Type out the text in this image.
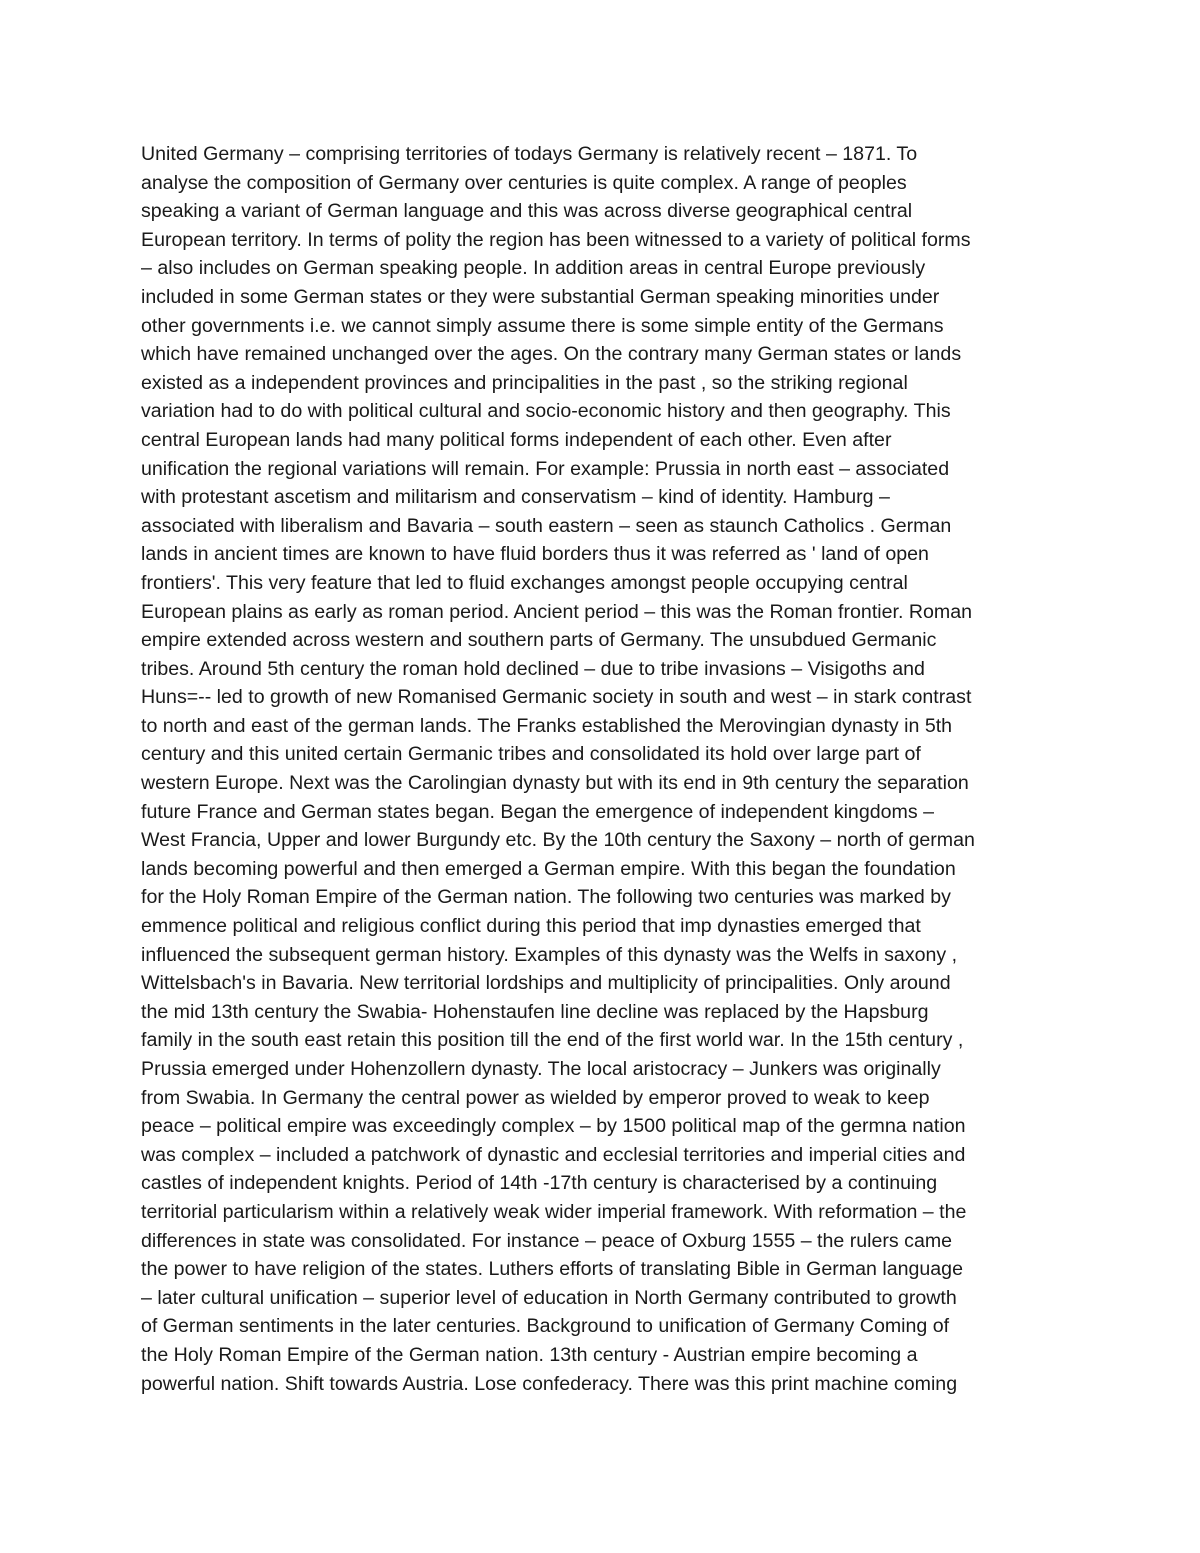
United Germany – comprising territories of todays Germany is relatively recent – 1871. To
analyse the composition of Germany over centuries is quite complex. A range of peoples
speaking a variant of German language and this was across diverse geographical central
European territory. In terms of polity the region has been witnessed to a variety of political forms
– also includes on German speaking people. In addition areas in central Europe previously
included in some German states or they were substantial German speaking minorities under
other governments i.e. we cannot simply assume there is some simple entity of the Germans
which have remained unchanged over the ages. On the contrary many German states or lands
existed as a independent provinces and principalities in the past , so the striking regional
variation had to do with political cultural and socio-economic history and then geography. This
central European lands had many political forms independent of each other. Even after
unification the regional variations will remain. For example: Prussia in north east – associated
with protestant ascetism and militarism and conservatism – kind of identity. Hamburg –
associated with liberalism and Bavaria – south eastern – seen as staunch Catholics . German
lands in ancient times are known to have fluid borders thus it was referred as ' land of open
frontiers'. This very feature that led to fluid exchanges amongst people occupying central
European plains as early as roman period. Ancient period – this was the Roman frontier. Roman
empire extended across western and southern parts of Germany. The unsubdued Germanic
tribes. Around 5th century the roman hold declined – due to tribe invasions – Visigoths and
Huns=-- led to growth of new Romanised Germanic society in south and west – in stark contrast
to north and east of the german lands. The Franks established the Merovingian dynasty in 5th
century and this united certain Germanic tribes and consolidated its hold over large part of
western Europe. Next was the Carolingian dynasty but with its end in 9th century the separation
future France and German states began. Began the emergence of independent kingdoms –
West Francia, Upper and lower Burgundy etc. By the 10th century the Saxony – north of german
lands becoming powerful and then emerged a German empire. With this began the foundation
for the Holy Roman Empire of the German nation. The following two centuries was marked by
emmence political and religious conflict during this period that imp dynasties emerged that
influenced the subsequent german history. Examples of this dynasty was the Welfs in saxony ,
Wittelsbach's in Bavaria. New territorial lordships and multiplicity of principalities. Only around
the mid 13th century the Swabia- Hohenstaufen line decline was replaced by the Hapsburg
family in the south east retain this position till the end of the first world war. In the 15th century ,
Prussia emerged under Hohenzollern dynasty. The local aristocracy – Junkers was originally
from Swabia. In Germany the central power as wielded by emperor proved to weak to keep
peace – political empire was exceedingly complex – by 1500 political map of the germna nation
was complex – included a patchwork of dynastic and ecclesial territories and imperial cities and
castles of independent knights. Period of 14th -17th century is characterised by a continuing
territorial particularism within a relatively weak wider imperial framework. With reformation – the
differences in state was consolidated. For instance – peace of Oxburg 1555 – the rulers came
the power to have religion of the states. Luthers efforts of translating Bible in German language
– later cultural unification – superior level of education in North Germany contributed to growth
of German sentiments in the later centuries. Background to unification of Germany Coming of
the Holy Roman Empire of the German nation. 13th century - Austrian empire becoming a
powerful nation. Shift towards Austria. Lose confederacy. There was this print machine coming
